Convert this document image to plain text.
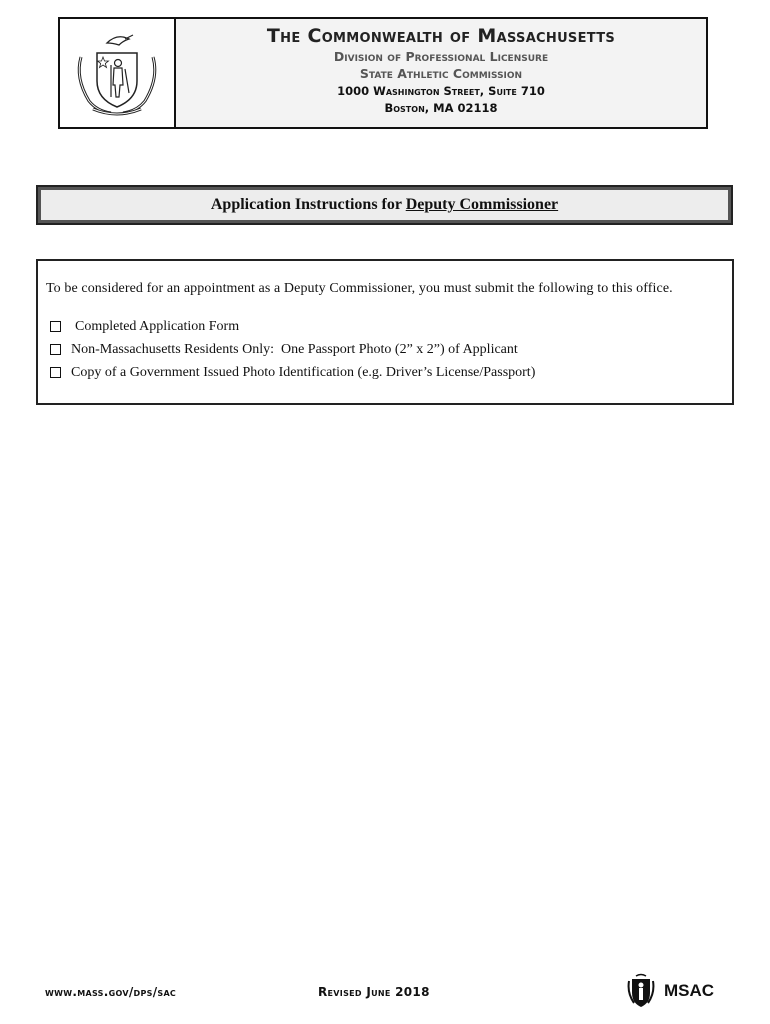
The Commonwealth of Massachusetts
Division of Professional Licensure
State Athletic Commission
1000 Washington Street, Suite 710
Boston, MA 02118
Application Instructions for Deputy Commissioner

To be considered for an appointment as a Deputy Commissioner, you must submit the following to this office.

Completed Application Form
Non-Massachusetts Residents Only:  One Passport Photo (2” x 2”) of Applicant
Copy of a Government Issued Photo Identification (e.g. Driver’s License/Passport)
www.mass.gov/dps/sac	Revised June 2018	MSAC
